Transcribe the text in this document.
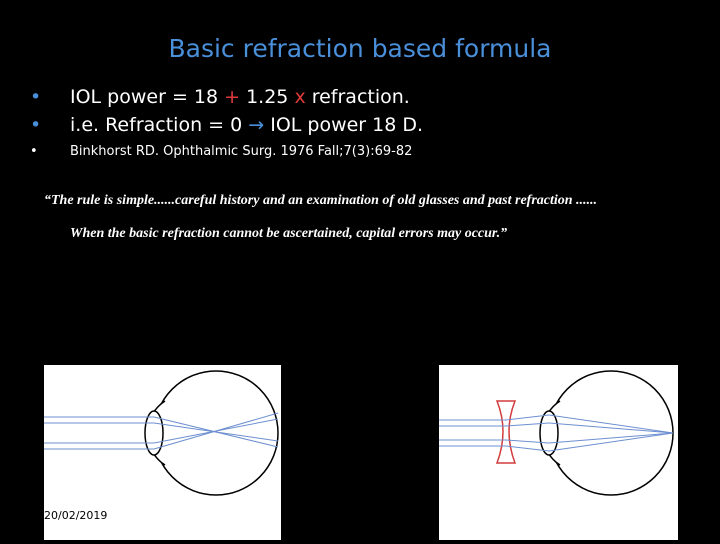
Basic refraction based formula
• IOL power = 18 + 1.25 x refraction.
• i.e. Refraction = 0 → IOL power 18 D.
• Binkhorst RD. Ophthalmic Surg. 1976 Fall;7(3):69-82
“The rule is simple......careful history and an examination of old glasses and past refraction ......
When the basic refraction cannot be ascertained, capital errors may occur.”
20/02/2019
